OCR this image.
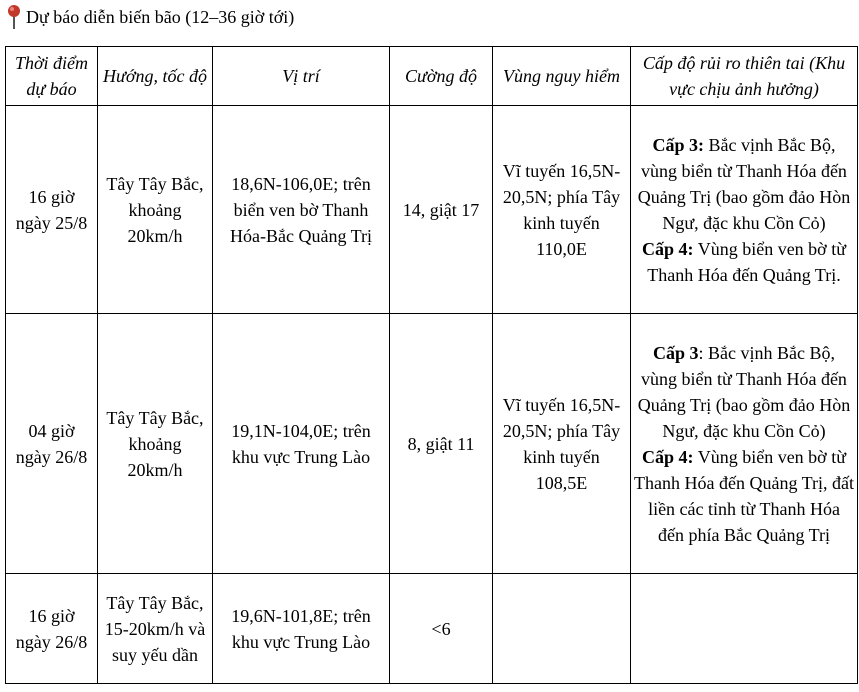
Dự báo diễn biến bão (12–36 giờ tới)
Thời điểm dự báo	Hướng, tốc độ	Vị trí	Cường độ	Vùng nguy hiểm	Cấp độ rủi ro thiên tai (Khu vực chịu ảnh hưởng)
16 giờ ngày 25/8	Tây Tây Bắc, khoảng 20km/h	18,6N-106,0E; trên biển ven bờ Thanh Hóa-Bắc Quảng Trị	14, giật 17	Vĩ tuyến 16,5N-20,5N; phía Tây kinh tuyến 110,0E	Cấp 3: Bắc vịnh Bắc Bộ, vùng biển từ Thanh Hóa đến Quảng Trị (bao gồm đảo Hòn Ngư, đặc khu Cồn Cỏ)
Cấp 4: Vùng biển ven bờ từ Thanh Hóa đến Quảng Trị.

04 giờ ngày 26/8	Tây Tây Bắc, khoảng 20km/h	19,1N-104,0E; trên khu vực Trung Lào	8, giật 11	Vĩ tuyến 16,5N-20,5N; phía Tây kinh tuyến 108,5E	Cấp 3: Bắc vịnh Bắc Bộ, vùng biển từ Thanh Hóa đến Quảng Trị (bao gồm đảo Hòn Ngư, đặc khu Cồn Cỏ)
Cấp 4: Vùng biển ven bờ từ Thanh Hóa đến Quảng Trị, đất liền các tỉnh từ Thanh Hóa đến phía Bắc Quảng Trị

16 giờ ngày 26/8	Tây Tây Bắc, 15-20km/h và suy yếu dần	19,6N-101,8E; trên khu vực Trung Lào	<6		
